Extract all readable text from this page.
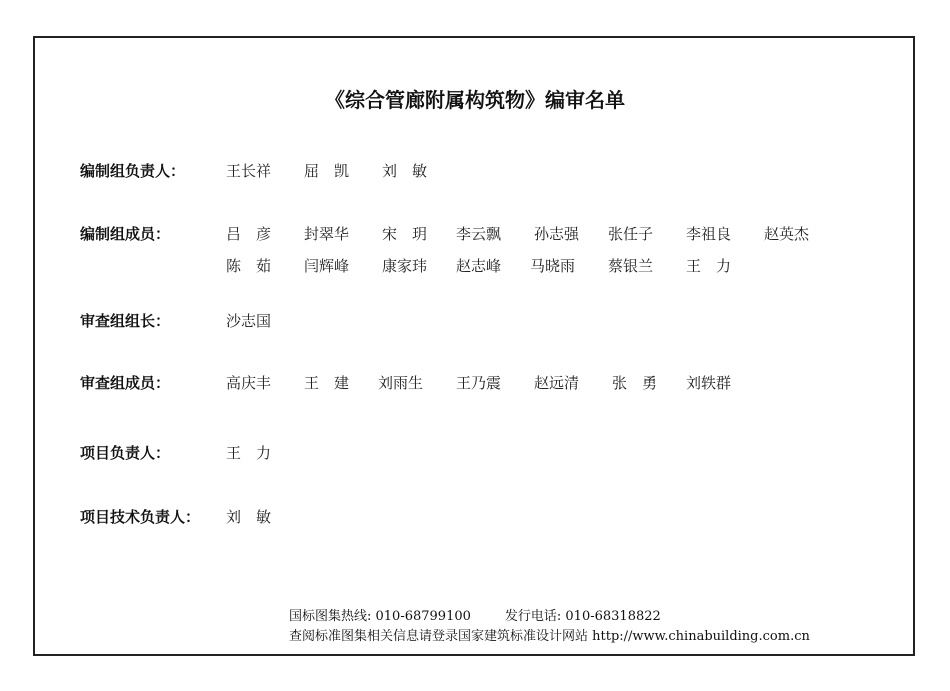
《综合管廊附属构筑物》编审名单
编制组负责人：	王长祥 屈　凯 刘　敏
编制组成员：	吕　彦 封翠华 宋　玥 李云飘 孙志强 张任子 李祖良 赵英杰
陈　茹 闫辉峰 康家玮 赵志峰 马晓雨 蔡银兰 王　力
审查组组长：	沙志国
审查组成员：	高庆丰 王　建 刘雨生 王乃震 赵远清 张　勇 刘轶群
项目负责人：	王　力
项目技术负责人： 刘　敏
国标图集热线: 010-68799100	发行电话: 010-68318822
查阅标准图集相关信息请登录国家建筑标准设计网站 http://www.chinabuilding.com.cn
